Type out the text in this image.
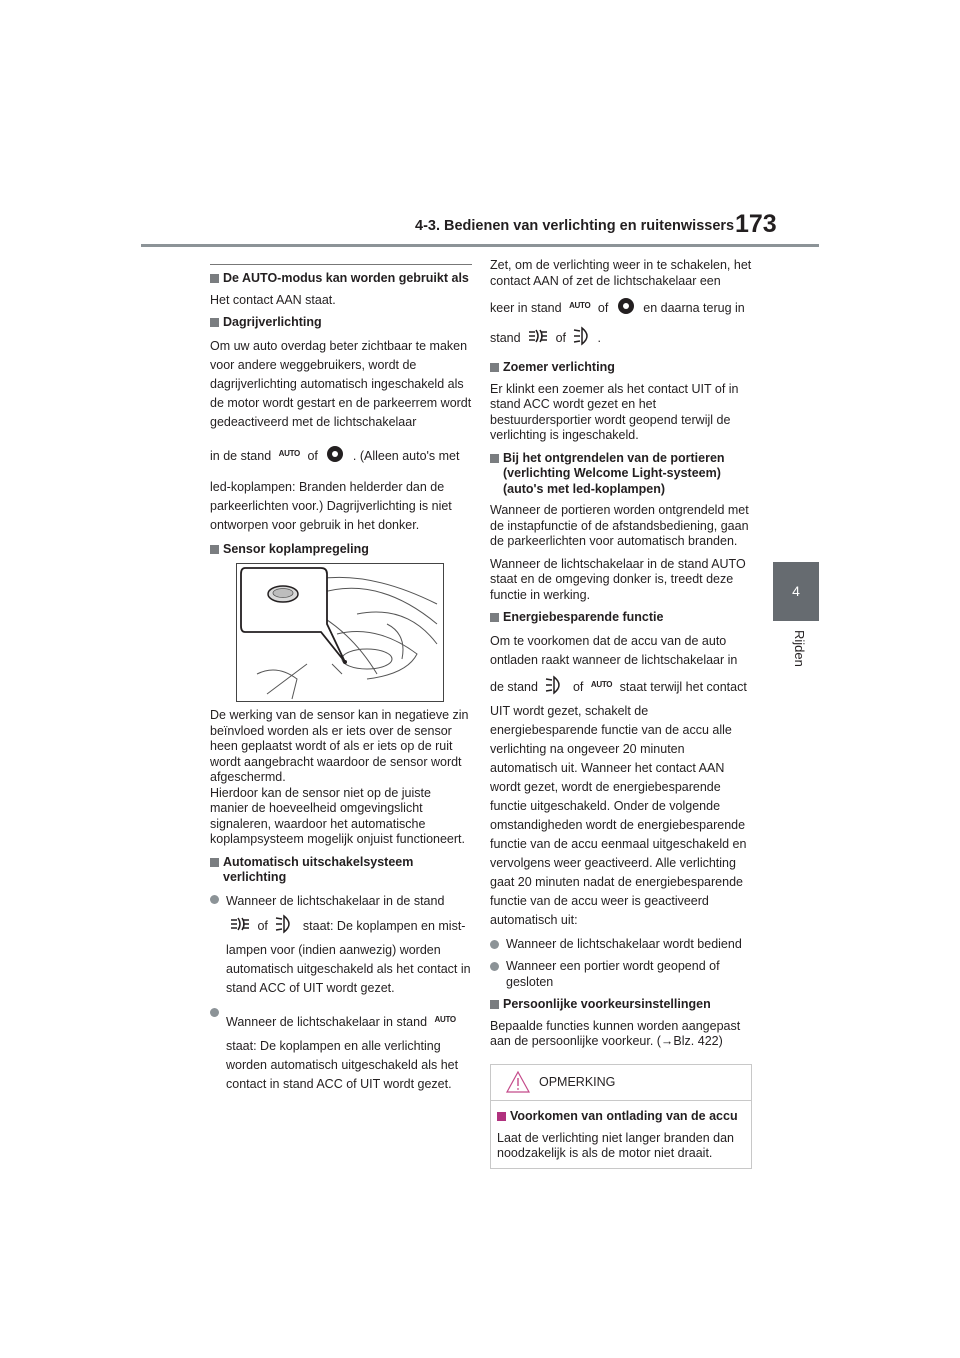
4-3. Bedienen van verlichting en ruitenwissers 173
4
Rijden
De AUTO-modus kan worden gebruikt als

Het contact AAN staat.

Dagrijverlichting

Om uw auto overdag beter zichtbaar te maken voor andere weggebruikers, wordt de dagrijverlichting automatisch ingeschakeld als de motor wordt gestart en de parkeerrem wordt gedeactiveerd met de lichtschakelaar

in de stand AUTO of	. (Alleen auto's met

led-koplampen: Branden helderder dan de parkeerlichten voor.) Dagrijverlichting is niet ontworpen voor gebruik in het donker.

Sensor koplampregeling

De werking van de sensor kan in negatieve zin beïnvloed worden als er iets over de sensor heen geplaatst wordt of als er iets op de ruit wordt aangebracht waardoor de sensor wordt afgeschermd.
Hierdoor kan de sensor niet op de juiste manier de hoeveelheid omgevingslicht signaleren, waardoor het automatische koplampsysteem mogelijk onjuist functioneert.

Automatisch uitschakelsysteem verlichting
Wanneer de lichtschakelaar in de stand
of	staat: De koplampen en mist-
lampen voor (indien aanwezig) worden automatisch uitgeschakeld als het contact in stand ACC of UIT wordt gezet.
Wanneer de lichtschakelaar in stand AUTO
staat: De koplampen en alle verlichting worden automatisch uitgeschakeld als het contact in stand ACC of UIT wordt gezet.

Zet, om de verlichting weer in te schakelen, het contact AAN of zet de lichtschakelaar een

keer in stand AUTO of	en daarna terug in

stand	of	.

Zoemer verlichting

Er klinkt een zoemer als het contact UIT of in stand ACC wordt gezet en het bestuurdersportier wordt geopend terwijl de verlichting is ingeschakeld.

Bij het ontgrendelen van de portieren (verlichting Welcome Light-systeem) (auto's met led-koplampen)

Wanneer de portieren worden ontgrendeld met de instapfunctie of de afstandsbediening, gaan de parkeerlichten voor automatisch branden.

Wanneer de lichtschakelaar in de stand AUTO staat en de omgeving donker is, treedt deze functie in werking.

Energiebesparende functie

Om te voorkomen dat de accu van de auto ontladen raakt wanneer de lichtschakelaar in

de stand	of AUTO staat terwijl het contact

UIT wordt gezet, schakelt de energiebesparende functie van de accu alle verlichting na ongeveer 20 minuten automatisch uit. Wanneer het contact AAN wordt gezet, wordt de energiebesparende functie uitgeschakeld. Onder de volgende omstandigheden wordt de energiebesparende functie van de accu eenmaal uitgeschakeld en vervolgens weer geactiveerd. Alle verlichting gaat 20 minuten nadat de energiebesparende functie van de accu weer is geactiveerd automatisch uit:

Wanneer de lichtschakelaar wordt bediend
Wanneer een portier wordt geopend of gesloten
Persoonlijke voorkeursinstellingen

Bepaalde functies kunnen worden aangepast aan de persoonlijke voorkeur. (→Blz. 422)

OPMERKING
Voorkomen van ontlading van de accu

Laat de verlichting niet langer branden dan noodzakelijk is als de motor niet draait.
